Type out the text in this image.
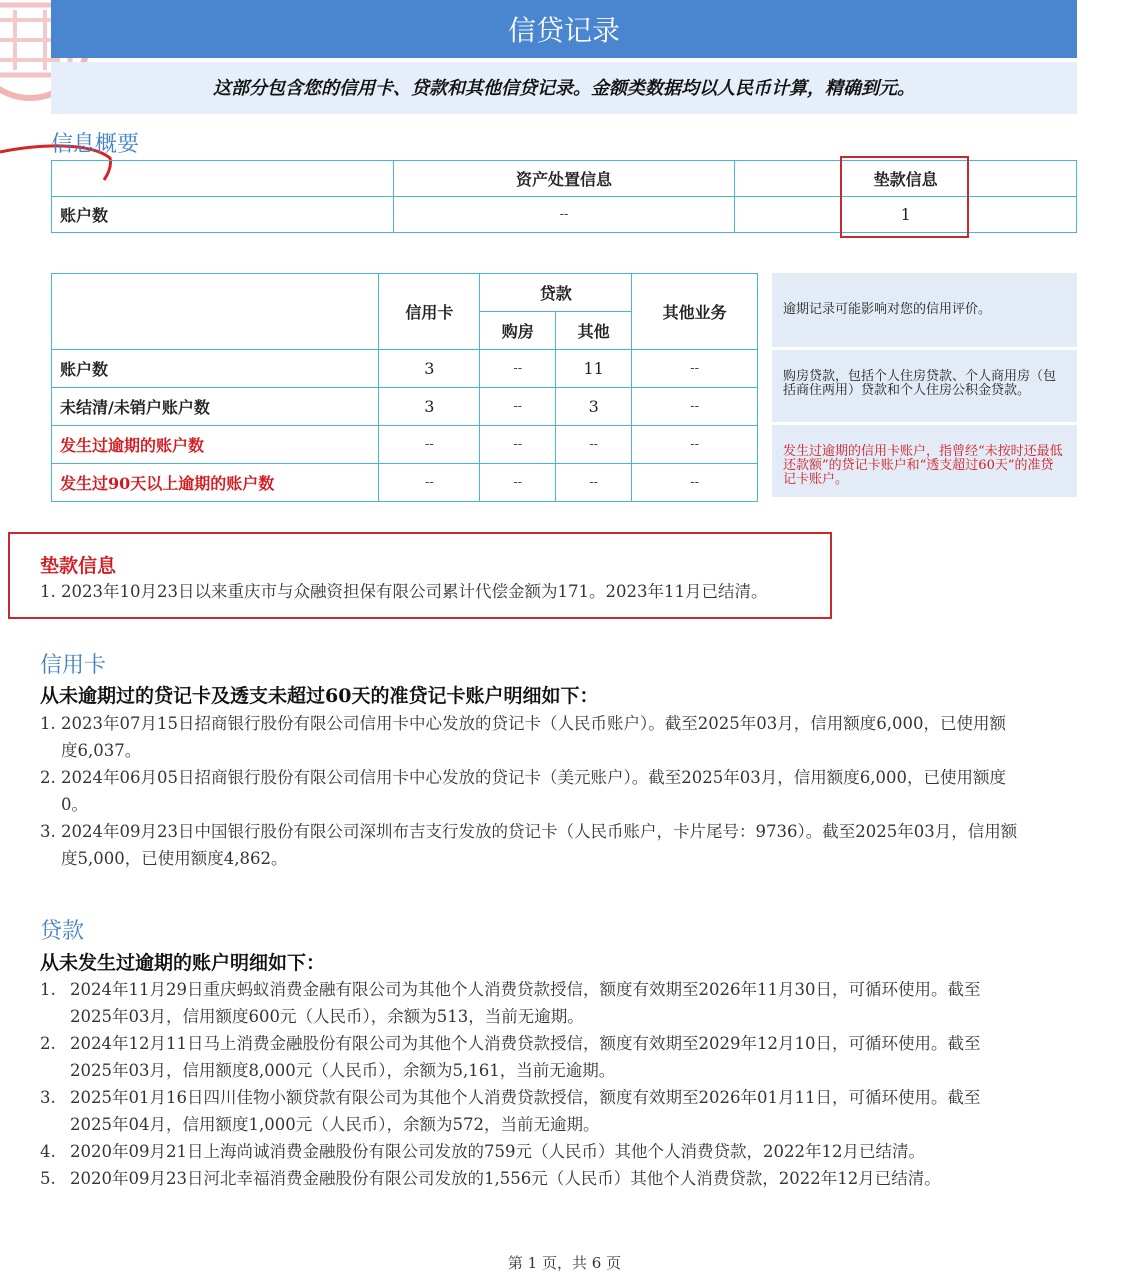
信贷记录
这部分包含您的信用卡、贷款和其他信贷记录。金额类数据均以人民币计算，精确到元。
信息概要
	资产处置信息	垫款信息
账户数	--	1
	信用卡	贷款		其他业务
		购房	其他	
账户数	3	--	11	--
未结清/未销户账户数	3	--	3	--
发生过逾期的账户数	--	--	--	--
发生过90天以上逾期的账户数	--	--	--	--
逾期记录可能影响对您的信用评价。
购房贷款，包括个人住房贷款、个人商用房（包括商住两用）贷款和个人住房公积金贷款。
发生过逾期的信用卡账户，指曾经“未按时还最低还款额”的贷记卡账户和“透支超过60天”的准贷记卡账户。
垫款信息
1. 2023年10月23日以来重庆市与众融资担保有限公司累计代偿金额为171。2023年11月已结清。
信用卡
从未逾期过的贷记卡及透支未超过60天的准贷记卡账户明细如下：
1. 2023年07月15日招商银行股份有限公司信用卡中心发放的贷记卡（人民币账户）。截至2025年03月，信用额度6,000，已使用额
度6,037。
2. 2024年06月05日招商银行股份有限公司信用卡中心发放的贷记卡（美元账户）。截至2025年03月，信用额度6,000，已使用额度
0。
3. 2024年09月23日中国银行股份有限公司深圳布吉支行发放的贷记卡（人民币账户，卡片尾号：9736）。截至2025年03月，信用额
度5,000，已使用额度4,862。
贷款
从未发生过逾期的账户明细如下：
1. 2024年11月29日重庆蚂蚁消费金融有限公司为其他个人消费贷款授信，额度有效期至2026年11月30日，可循环使用。截至
2025年03月，信用额度600元（人民币），余额为513，当前无逾期。
2. 2024年12月11日马上消费金融股份有限公司为其他个人消费贷款授信，额度有效期至2029年12月10日，可循环使用。截至
2025年03月，信用额度8,000元（人民币），余额为5,161，当前无逾期。
3. 2025年01月16日四川佳物小额贷款有限公司为其他个人消费贷款授信，额度有效期至2026年01月11日，可循环使用。截至
2025年04月，信用额度1,000元（人民币），余额为572，当前无逾期。
4. 2020年09月21日上海尚诚消费金融股份有限公司发放的759元（人民币）其他个人消费贷款，2022年12月已结清。
5. 2020年09月23日河北幸福消费金融股份有限公司发放的1,556元（人民币）其他个人消费贷款，2022年12月已结清。
第 1 页，共 6 页
